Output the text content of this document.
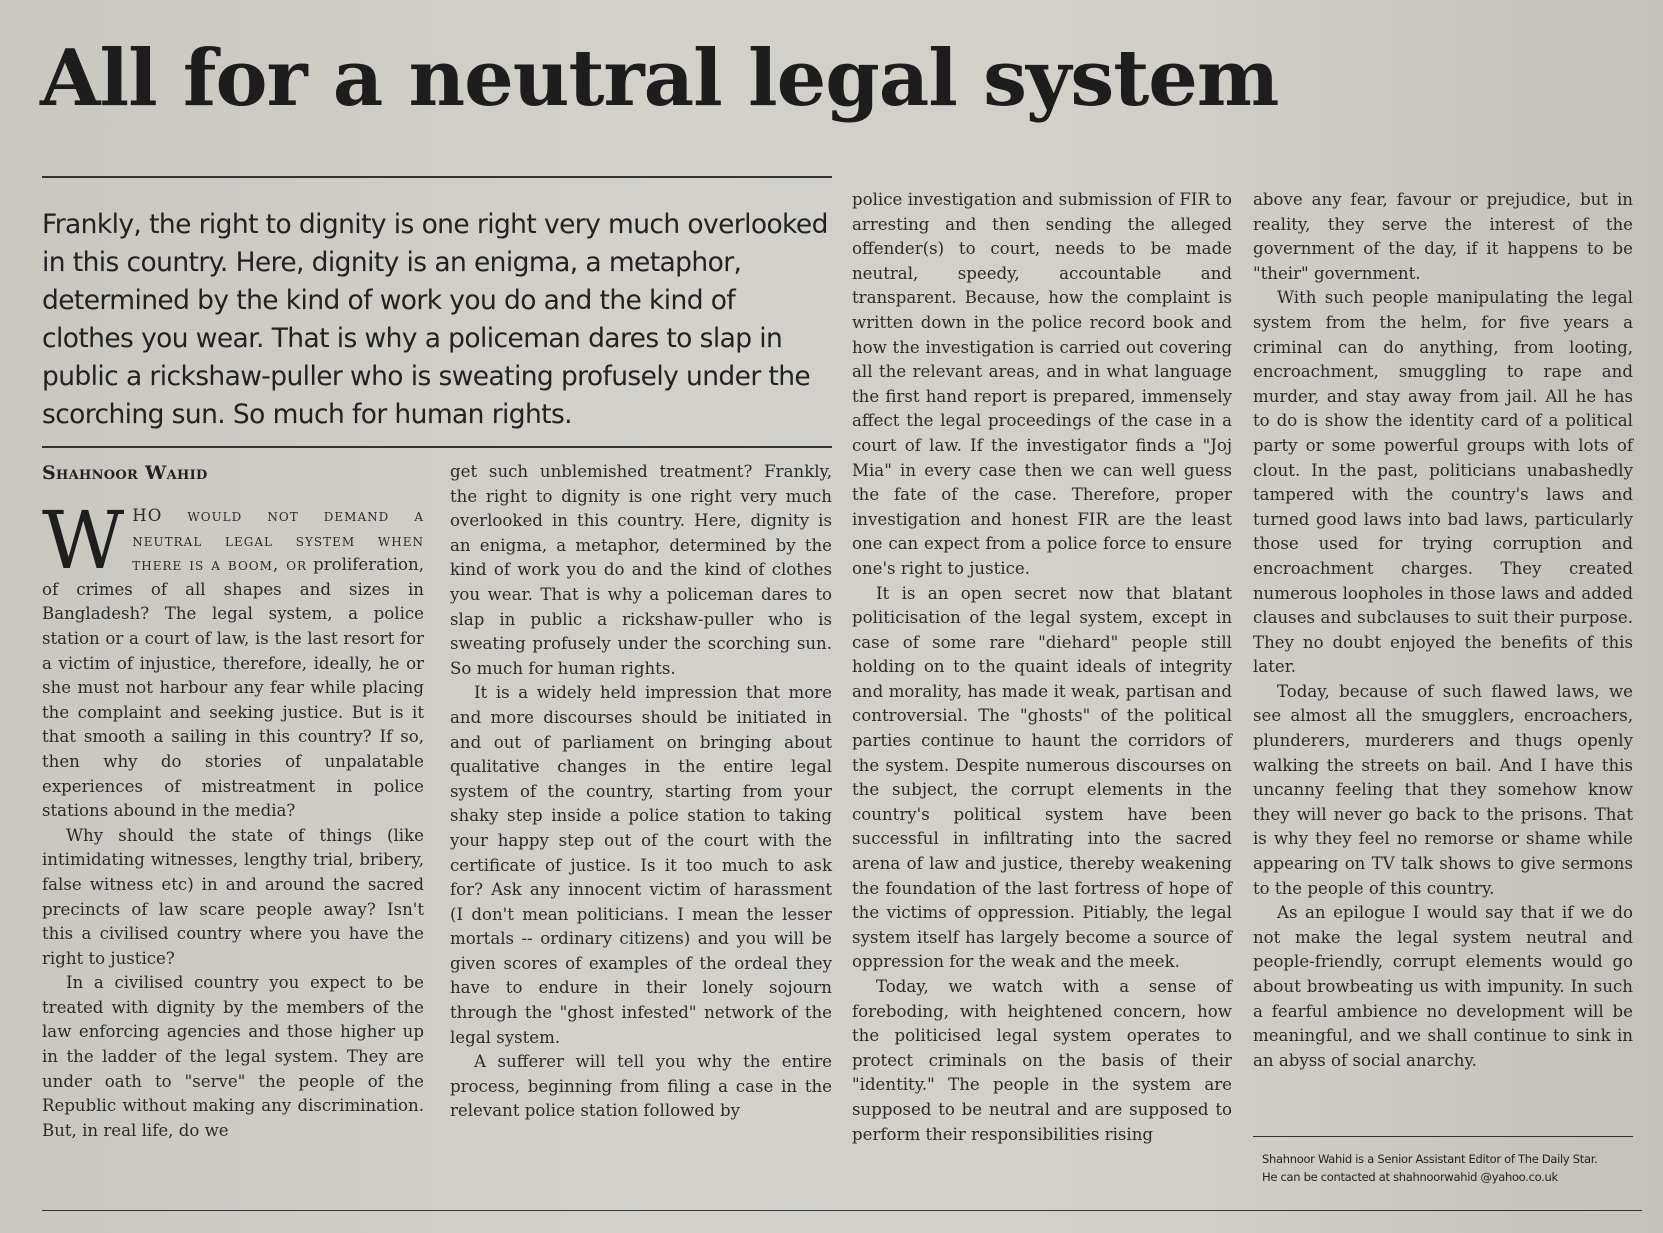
All for a neutral legal system

Frankly, the right to dignity is one right very much overlooked in this country. Here, dignity is an enigma, a metaphor, determined by the kind of work you do and the kind of clothes you wear. That is why a policeman dares to slap in public a rickshaw-puller who is sweating profusely under the scorching sun. So much for human rights.

Shahnoor Wahid

WHO would not demand a neutral legal system when there is a boom, or proliferation, of crimes of all shapes and sizes in Bangladesh? The legal system, a police station or a court of law, is the last resort for a victim of injustice, therefore, ideally, he or she must not harbour any fear while placing the complaint and seeking justice. But is it that smooth a sailing in this country? If so, then why do stories of unpalatable experiences of mistreatment in police stations abound in the media?

Why should the state of things (like intimidating witnesses, lengthy trial, bribery, false witness etc) in and around the sacred precincts of law scare people away? Isn't this a civilised country where you have the right to justice?

In a civilised country you expect to be treated with dignity by the members of the law enforcing agencies and those higher up in the ladder of the legal system. They are under oath to "serve" the people of the Republic without making any discrimination. But, in real life, do we

get such unblemished treatment? Frankly, the right to dignity is one right very much overlooked in this country. Here, dignity is an enigma, a metaphor, determined by the kind of work you do and the kind of clothes you wear. That is why a policeman dares to slap in public a rickshaw-puller who is sweating profusely under the scorching sun. So much for human rights.

It is a widely held impression that more and more discourses should be initiated in and out of parliament on bringing about qualitative changes in the entire legal system of the country, starting from your shaky step inside a police station to taking your happy step out of the court with the certificate of justice. Is it too much to ask for? Ask any innocent victim of harassment (I don't mean politicians. I mean the lesser mortals -- ordinary citizens) and you will be given scores of examples of the ordeal they have to endure in their lonely sojourn through the "ghost infested" network of the legal system.

A sufferer will tell you why the entire process, beginning from filing a case in the relevant police station followed by

police investigation and submission of FIR to arresting and then sending the alleged offender(s) to court, needs to be made neutral, speedy, accountable and transparent. Because, how the complaint is written down in the police record book and how the investigation is carried out covering all the relevant areas, and in what language the first hand report is prepared, immensely affect the legal proceedings of the case in a court of law. If the investigator finds a "Joj Mia" in every case then we can well guess the fate of the case. Therefore, proper investigation and honest FIR are the least one can expect from a police force to ensure one's right to justice.

It is an open secret now that blatant politicisation of the legal system, except in case of some rare "diehard" people still holding on to the quaint ideals of integrity and morality, has made it weak, partisan and controversial. The "ghosts" of the political parties continue to haunt the corridors of the system. Despite numerous discourses on the subject, the corrupt elements in the country's political system have been successful in infiltrating into the sacred arena of law and justice, thereby weakening the foundation of the last fortress of hope of the victims of oppression. Pitiably, the legal system itself has largely become a source of oppression for the weak and the meek.

Today, we watch with a sense of foreboding, with heightened concern, how the politicised legal system operates to protect criminals on the basis of their "identity." The people in the system are supposed to be neutral and are supposed to perform their responsibilities rising

above any fear, favour or prejudice, but in reality, they serve the interest of the government of the day, if it happens to be "their" government.

With such people manipulating the legal system from the helm, for five years a criminal can do anything, from looting, encroachment, smuggling to rape and murder, and stay away from jail. All he has to do is show the identity card of a political party or some powerful groups with lots of clout. In the past, politicians unabashedly tampered with the country's laws and turned good laws into bad laws, particularly those used for trying corruption and encroachment charges. They created numerous loopholes in those laws and added clauses and subclauses to suit their purpose. They no doubt enjoyed the benefits of this later.

Today, because of such flawed laws, we see almost all the smugglers, encroachers, plunderers, murderers and thugs openly walking the streets on bail. And I have this uncanny feeling that they somehow know they will never go back to the prisons. That is why they feel no remorse or shame while appearing on TV talk shows to give sermons to the people of this country.

As an epilogue I would say that if we do not make the legal system neutral and people-friendly, corrupt elements would go about browbeating us with impunity. In such a fearful ambience no development will be meaningful, and we shall continue to sink in an abyss of social anarchy.

Shahnoor Wahid is a Senior Assistant Editor of The Daily Star.
He can be contacted at shahnoorwahid @yahoo.co.uk
